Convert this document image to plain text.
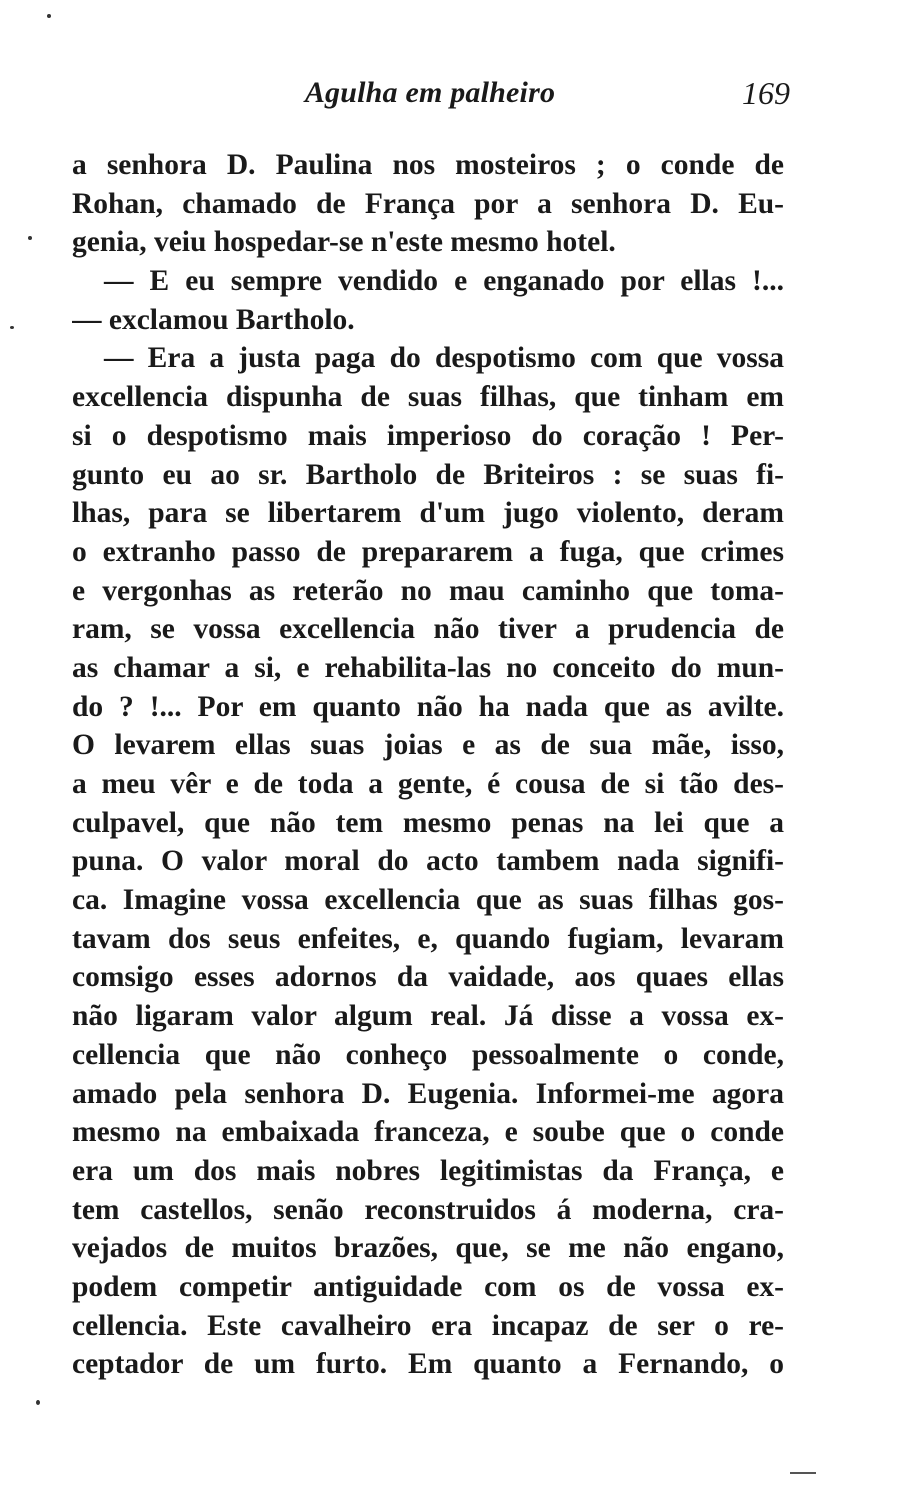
Agulha em palheiro	169
a senhora D. Paulina nos mosteiros ; o conde de
Rohan, chamado de França por a senhora D. Eu-
genia, veiu hospedar-se n'este mesmo hotel.
— E eu sempre vendido e enganado por ellas !...
— exclamou Bartholo.
— Era a justa paga do despotismo com que vossa
excellencia dispunha de suas filhas, que tinham em
si o despotismo mais imperioso do coração ! Per-
gunto eu ao sr. Bartholo de Briteiros : se suas fi-
lhas, para se libertarem d'um jugo violento, deram
o extranho passo de prepararem a fuga, que crimes
e vergonhas as reterão no mau caminho que toma-
ram, se vossa excellencia não tiver a prudencia de
as chamar a si, e rehabilita-las no conceito do mun-
do ? !... Por em quanto não ha nada que as avilte.
O levarem ellas suas joias e as de sua mãe, isso,
a meu vêr e de toda a gente, é cousa de si tão des-
culpavel, que não tem mesmo penas na lei que a
puna. O valor moral do acto tambem nada signifi-
ca. Imagine vossa excellencia que as suas filhas gos-
tavam dos seus enfeites, e, quando fugiam, levaram
comsigo esses adornos da vaidade, aos quaes ellas
não ligaram valor algum real. Já disse a vossa ex-
cellencia que não conheço pessoalmente o conde,
amado pela senhora D. Eugenia. Informei-me agora
mesmo na embaixada franceza, e soube que o conde
era um dos mais nobres legitimistas da França, e
tem castellos, senão reconstruidos á moderna, cra-
vejados de muitos brazões, que, se me não engano,
podem competir antiguidade com os de vossa ex-
cellencia. Este cavalheiro era incapaz de ser o re-
ceptador de um furto. Em quanto a Fernando, o
